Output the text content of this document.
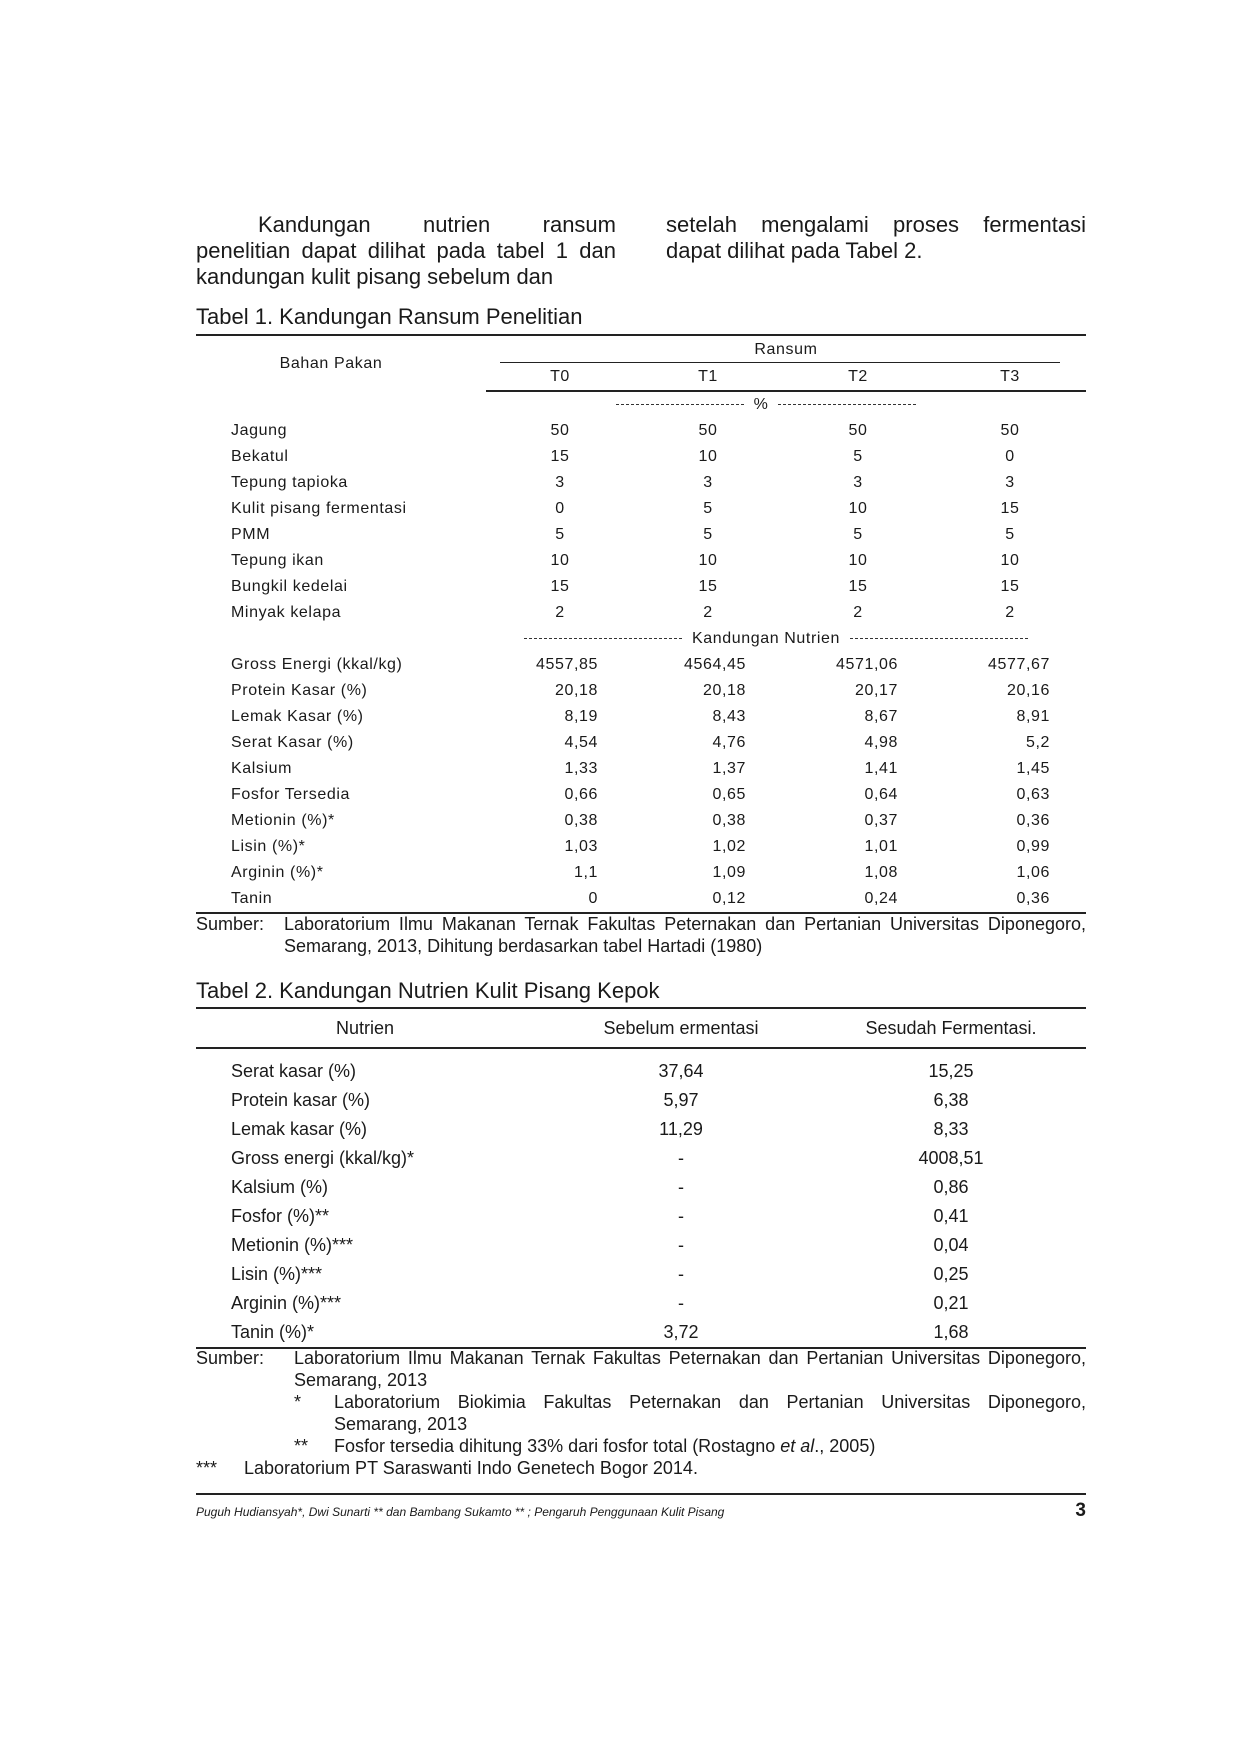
Kandungan nutrien ransum penelitian dapat dilihat pada tabel 1 dan kandungan kulit pisang sebelum dan

setelah mengalami proses fermentasi dapat dilihat pada Tabel 2.

Tabel 1. Kandungan Ransum Penelitian
Bahan Pakan	Ransum			

	T0	T1	T2	T3
	%			
Jagung	50	50	50	50
Bekatul	15	10	5	0
Tepung tapioka	3	3	3	3
Kulit pisang fermentasi	0	5	10	15
PMM	5	5	5	5
Tepung ikan	10	10	10	10
Bungkil kedelai	15	15	15	15
Minyak kelapa	2	2	2	2
	Kandungan Nutrien			
Gross Energi (kkal/kg)	4557,85	4564,45	4571,06	4577,67
Protein Kasar (%)	20,18	20,18	20,17	20,16
Lemak Kasar (%)	8,19	8,43	8,67	8,91
Serat Kasar (%)	4,54	4,76	4,98	5,2
Kalsium	1,33	1,37	1,41	1,45
Fosfor Tersedia	0,66	0,65	0,64	0,63
Metionin (%)*	0,38	0,38	0,37	0,36
Lisin (%)*	1,03	1,02	1,01	0,99
Arginin (%)*	1,1	1,09	1,08	1,06
Tanin	0	0,12	0,24	0,36
Sumber:	Laboratorium Ilmu Makanan Ternak Fakultas Peternakan dan Pertanian Universitas Diponegoro, Semarang, 2013, Dihitung berdasarkan tabel Hartadi (1980)
Tabel 2. Kandungan Nutrien Kulit Pisang Kepok
Nutrien	Sebelum ermentasi	Sesudah Fermentasi.
Serat kasar (%)	37,64	15,25
Protein kasar (%)	5,97	6,38
Lemak kasar (%)	11,29	8,33
Gross energi (kkal/kg)*	-	4008,51
Kalsium (%)	-	0,86
Fosfor (%)**	-	0,41
Metionin (%)***	-	0,04
Lisin (%)***	-	0,25
Arginin (%)***	-	0,21
Tanin (%)*	3,72	1,68
Sumber:	Laboratorium Ilmu Makanan Ternak Fakultas Peternakan dan Pertanian Universitas Diponegoro, Semarang, 2013
*	Laboratorium Biokimia Fakultas Peternakan dan Pertanian Universitas Diponegoro, Semarang, 2013
**	Fosfor tersedia dihitung 33% dari fosfor total (Rostagno et al., 2005)
***	Laboratorium PT Saraswanti Indo Genetech Bogor 2014.
Puguh Hudiansyah*, Dwi Sunarti ** dan Bambang Sukamto ** ; Pengaruh Penggunaan Kulit Pisang	3
